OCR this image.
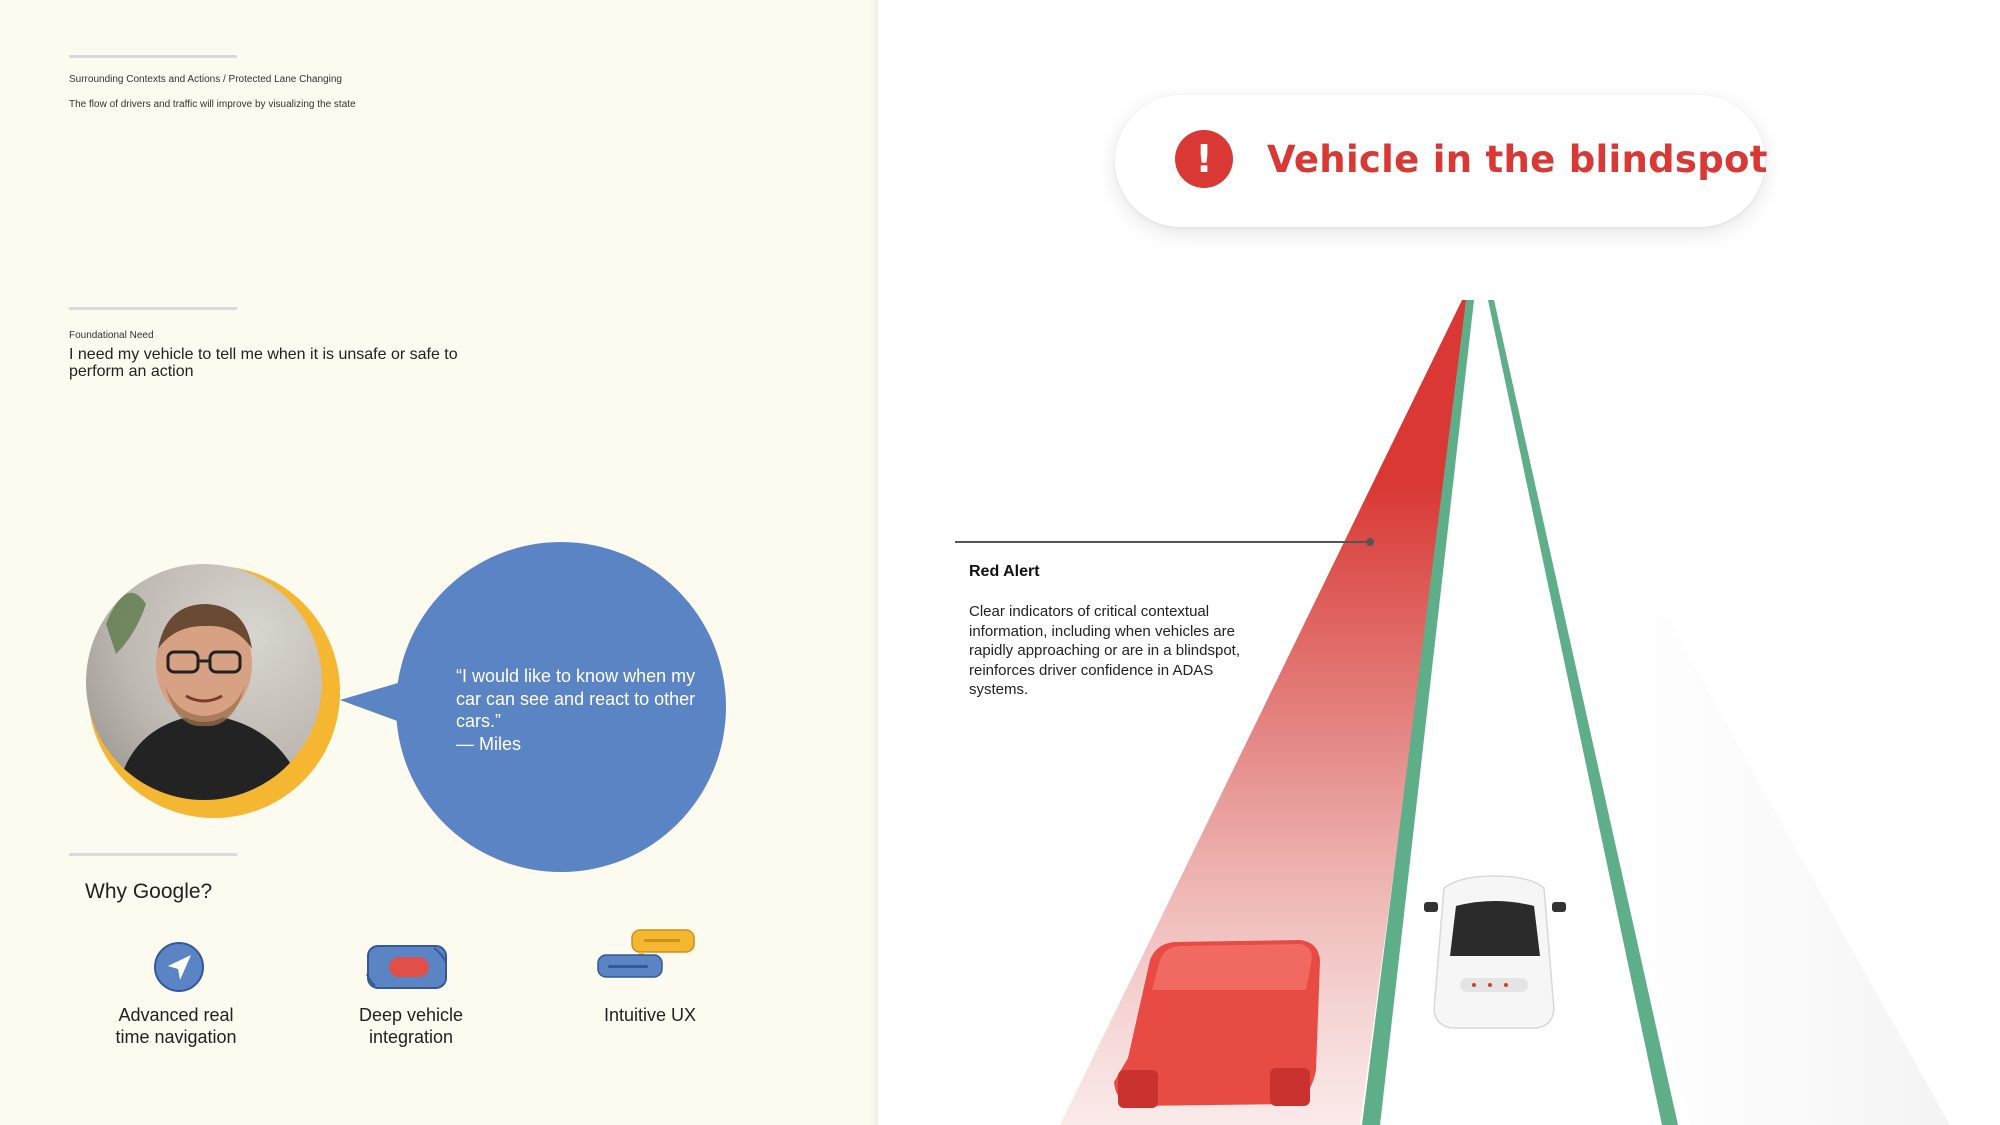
Surrounding Contexts and Actions / Protected Lane Changing
The flow of drivers and traffic will improve by visualizing the state
Foundational Need
I need my vehicle to tell me when it is unsafe or safe to perform an action
“I would like to know when my car can see and react to other cars.”
— Miles
Why Google?
Advanced real time navigation
Deep vehicle integration
Intuitive UX
!	Vehicle in the blindspot
Red Alert
Clear indicators of critical contextual information, including when vehicles are rapidly approaching or are in a blindspot, reinforces driver confidence in ADAS systems.
